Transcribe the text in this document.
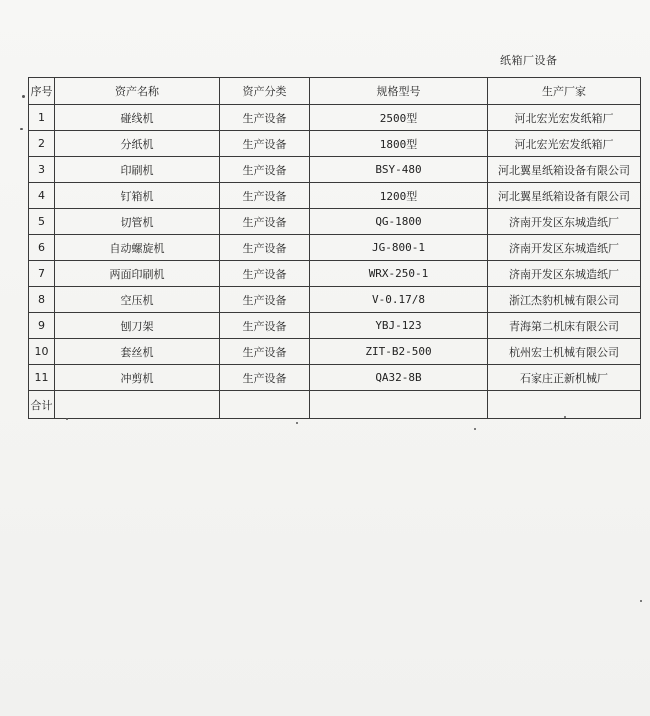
纸箱厂设备
序号	资产名称	资产分类	规格型号	生产厂家
1	碰线机	生产设备	2500型	河北宏光宏发纸箱厂
2	分纸机	生产设备	1800型	河北宏光宏发纸箱厂
3	印刷机	生产设备	BSY-480	河北翼星纸箱设备有限公司
4	钉箱机	生产设备	1200型	河北翼星纸箱设备有限公司
5	切管机	生产设备	QG-1800	济南开发区东城造纸厂
6	自动螺旋机	生产设备	JG-800-1	济南开发区东城造纸厂
7	两面印刷机	生产设备	WRX-250-1	济南开发区东城造纸厂
8	空压机	生产设备	V-0.17/8	浙江杰豹机械有限公司
9	刨刀架	生产设备	YBJ-123	青海第二机床有限公司
10	套丝机	生产设备	ZIT-B2-500	杭州宏士机械有限公司
11	冲剪机	生产设备	QA32-8B	石家庄正新机械厂
合计				
